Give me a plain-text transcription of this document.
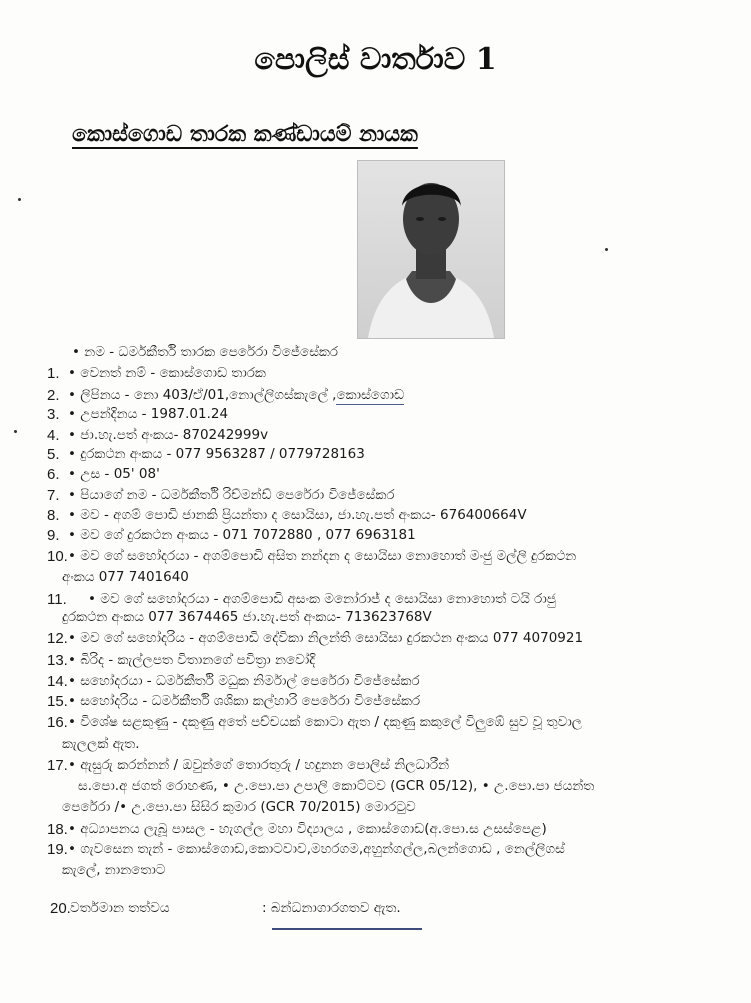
පොලිස් වාර්තාව 1
කොස්ගොඩ තාරක කණ්ඩායම් නායක
• නම - ධර්මකීර්ති තාරක පෙරේරා විජේසේකර
1. • වෙනත් නම් - කොස්ගොඩ තාරක
2. • ලිපිනය - නො 403/ඒ/01,නොල්ලිගස්කැලේ ,කොස්ගොඩ
3. • උපන්දිනය - 1987.01.24
4. • ජා.හැ.පත් අංකය- 870242999v
5. • දුරකථන අංකය - 077 9563287 / 0779728163
6. • උස - 05' 08'
7. • පියාගේ නම - ධර්මකීර්ති රිච්මන්ඩ් පෙරේරා විජේසේකර
8. • මව - අගම් පොඩි ජානකි ප්‍රියන්තා ද සොයිසා, ජා.හැ.පත් අංකය- 676400664V
9. • මව ගේ දුරකථන අංකය - 071 7072880 , 077 6963181
10. • මව ගේ සහෝදරයා - අගම්පොඩි අසිත නන්දන ද සොයිසා නොහොත් මංජු මල්ලි දුරකථන
අංකය 077 7401640
11. • මව ගේ සහෝදරයා - අගම්පොඩි අසංක මනෝරාජ් ද සොයිසා නොහොත් ටයි රාජු
දුරකථන අංකය 077 3674465 ජා.හැ.පත් අංකය- 713623768V
12. • මව ගේ සහෝදරිය - අගම්පොඩි දේවිකා නිලන්ති සොයිසා දුරකථන අංකය 077 4070921
13. • බිරිද - කැල්ලපත විතානගේ පවිත්‍රා නවෝදි
14. • සහෝදරයා - ධර්මකීර්ති මධුක නිර්මාල් පෙරේරා විජේසේකර
15. • සහෝදරිය - ධර්මකීර්ති ශශිකා කල්හාරි පෙරේරා විජේසේකර
16. • විශේෂ සළකුණු - දකුණු අතේ පච්චයක් කොටා ඇත / දකුණු කකුලේ විලුඹේ සුව වූ තුවාල
කැලලක් ඇත.
17. • ඇසුරු කරන්නන් / ඔවුන්ගේ තොරතුරු / හදුනන පොලිස් නිලධාරීන්
ස.පො.අ ජගත් රොහණ, • උ.පො.පා උපාලි කොට්ටව (GCR 05/12), • උ.පො.පා ජයන්ත
පෙරේරා /• උ.පො.පා සිසිර කුමාර (GCR 70/2015) මොරටුව
18. • අධ්‍යාපනය ලැබූ පාසල - හැගල්ල මහා විද්‍යාලය , කොස්ගොඩ(අ.පො.ස උසස්පෙළ)
19. • ගැවසෙන තැන් - කොස්ගොඩ,කොටවාව,මහරගම,අහුන්ගල්ල,බලන්ගොඩ , නෙල්ලිගස්
කැලේ, නානතොට
20. වර්තමාන තත්වය	: බන්ධනාගාරගතව ඇත.
